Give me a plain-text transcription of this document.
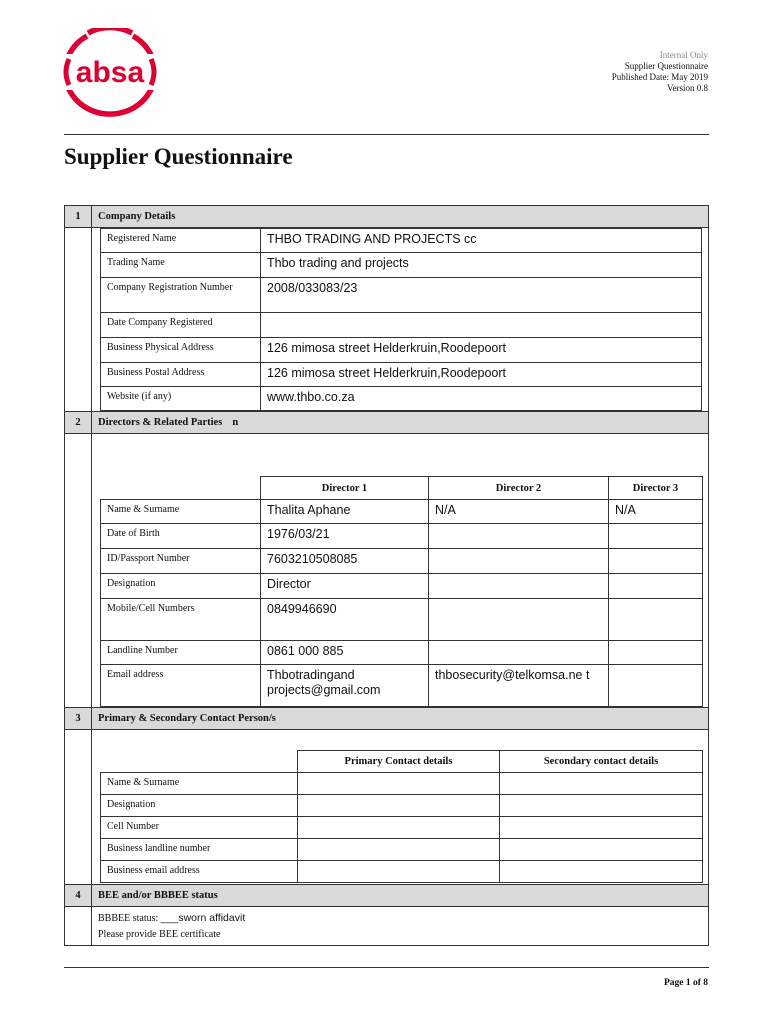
absa
Internal Only
Supplier Questionnaire
Published Date: May 2019
Version 0.8
Supplier Questionnaire
1	Company Details

Registered Name	THBO TRADING AND PROJECTS cc
Trading Name	Thbo trading and projects
Company Registration Number	2008/033083/23
Date Company Registered	
Business Physical Address	126 mimosa street Helderkruin,Roodepoort
Business Postal Address	126 mimosa street Helderkruin,Roodepoort
Website (if any)	www.thbo.co.za

2	Directors & Related Parties n

	Director 1	Director 2	Director 3
Name & Surname	Thalita Aphane	N/A	N/A
Date of Birth	1976/03/21		
ID/Passport Number	7603210508085		
Designation	Director		
Mobile/Cell Numbers	0849946690		
Landline Number	0861 000 885		
Email address	Thbotradingand projects@gmail.com	thbosecurity@telkomsa.ne t	

3	Primary & Secondary Contact Person/s

	Primary Contact details	Secondary contact details
Name & Surname		
Designation		
Cell Number		
Business landline number		
Business email address		

4	BEE and/or BBBEE status

BBBEE status: ___sworn affidavit
Please provide BEE certificate
Page 1 of 8
